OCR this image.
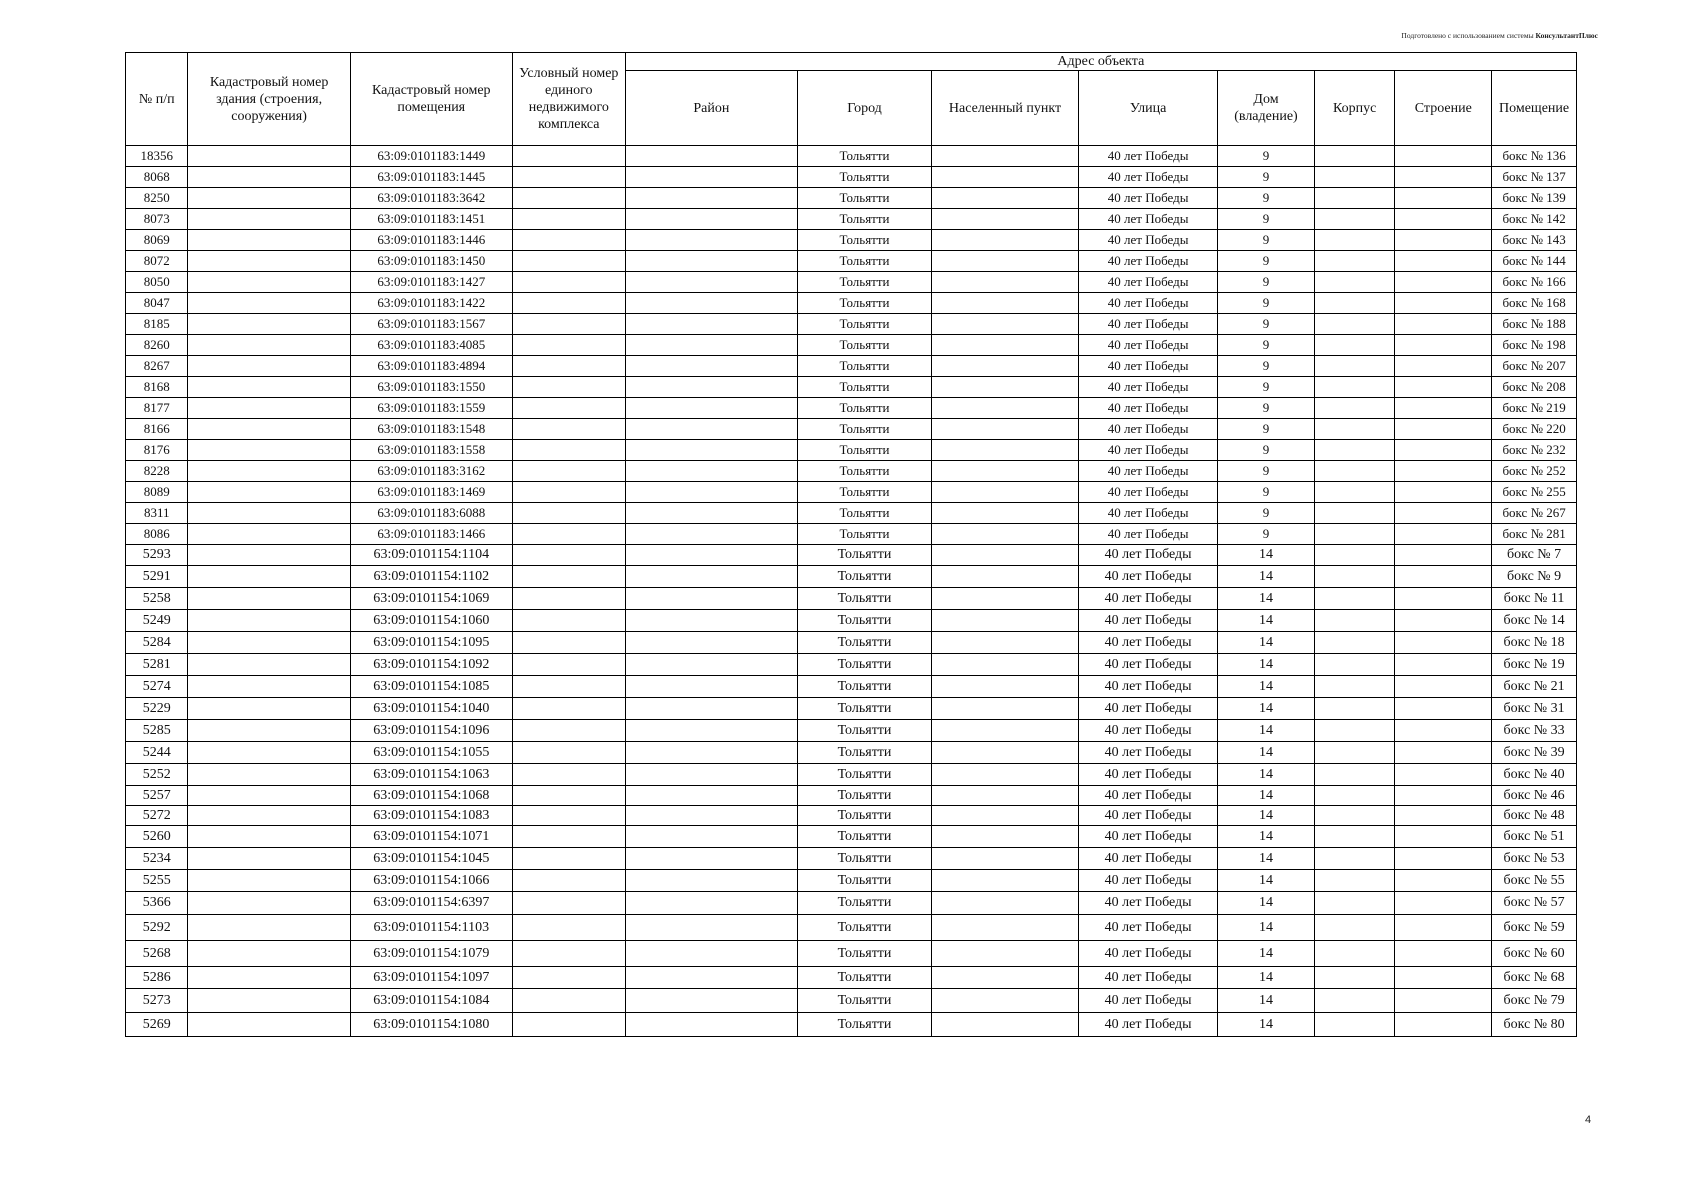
Подготовлено с использованием системы КонсультантПлюс
№ п/п	Кадастровый номер здания (строения, сооружения)	Кадастровый номер помещения	Условный номер единого недвижимого комплекса	Адрес объекта							
				Район	Город	Населенный пункт	Улица	Дом (владение)	Корпус	Строение	Помещение
18356		63:09:0101183:1449			Тольятти		40 лет Победы	9			бокс № 136
8068		63:09:0101183:1445			Тольятти		40 лет Победы	9			бокс № 137
8250		63:09:0101183:3642			Тольятти		40 лет Победы	9			бокс № 139
8073		63:09:0101183:1451			Тольятти		40 лет Победы	9			бокс № 142
8069		63:09:0101183:1446			Тольятти		40 лет Победы	9			бокс № 143
8072		63:09:0101183:1450			Тольятти		40 лет Победы	9			бокс № 144
8050		63:09:0101183:1427			Тольятти		40 лет Победы	9			бокс № 166
8047		63:09:0101183:1422			Тольятти		40 лет Победы	9			бокс № 168
8185		63:09:0101183:1567			Тольятти		40 лет Победы	9			бокс № 188
8260		63:09:0101183:4085			Тольятти		40 лет Победы	9			бокс № 198
8267		63:09:0101183:4894			Тольятти		40 лет Победы	9			бокс № 207
8168		63:09:0101183:1550			Тольятти		40 лет Победы	9			бокс № 208
8177		63:09:0101183:1559			Тольятти		40 лет Победы	9			бокс № 219
8166		63:09:0101183:1548			Тольятти		40 лет Победы	9			бокс № 220
8176		63:09:0101183:1558			Тольятти		40 лет Победы	9			бокс № 232
8228		63:09:0101183:3162			Тольятти		40 лет Победы	9			бокс № 252
8089		63:09:0101183:1469			Тольятти		40 лет Победы	9			бокс № 255
8311		63:09:0101183:6088			Тольятти		40 лет Победы	9			бокс № 267
8086		63:09:0101183:1466			Тольятти		40 лет Победы	9			бокс № 281
5293		63:09:0101154:1104			Тольятти		40 лет Победы	14			бокс № 7
5291		63:09:0101154:1102			Тольятти		40 лет Победы	14			бокс № 9
5258		63:09:0101154:1069			Тольятти		40 лет Победы	14			бокс № 11
5249		63:09:0101154:1060			Тольятти		40 лет Победы	14			бокс № 14
5284		63:09:0101154:1095			Тольятти		40 лет Победы	14			бокс № 18
5281		63:09:0101154:1092			Тольятти		40 лет Победы	14			бокс № 19
5274		63:09:0101154:1085			Тольятти		40 лет Победы	14			бокс № 21
5229		63:09:0101154:1040			Тольятти		40 лет Победы	14			бокс № 31
5285		63:09:0101154:1096			Тольятти		40 лет Победы	14			бокс № 33
5244		63:09:0101154:1055			Тольятти		40 лет Победы	14			бокс № 39
5252		63:09:0101154:1063			Тольятти		40 лет Победы	14			бокс № 40
5257		63:09:0101154:1068			Тольятти		40 лет Победы	14			бокс № 46
5272		63:09:0101154:1083			Тольятти		40 лет Победы	14			бокс № 48
5260		63:09:0101154:1071			Тольятти		40 лет Победы	14			бокс № 51
5234		63:09:0101154:1045			Тольятти		40 лет Победы	14			бокс № 53
5255		63:09:0101154:1066			Тольятти		40 лет Победы	14			бокс № 55
5366		63:09:0101154:6397			Тольятти		40 лет Победы	14			бокс № 57
5292		63:09:0101154:1103			Тольятти		40 лет Победы	14			бокс № 59
5268		63:09:0101154:1079			Тольятти		40 лет Победы	14			бокс № 60
5286		63:09:0101154:1097			Тольятти		40 лет Победы	14			бокс № 68
5273		63:09:0101154:1084			Тольятти		40 лет Победы	14			бокс № 79
5269		63:09:0101154:1080			Тольятти		40 лет Победы	14			бокс № 80
4
